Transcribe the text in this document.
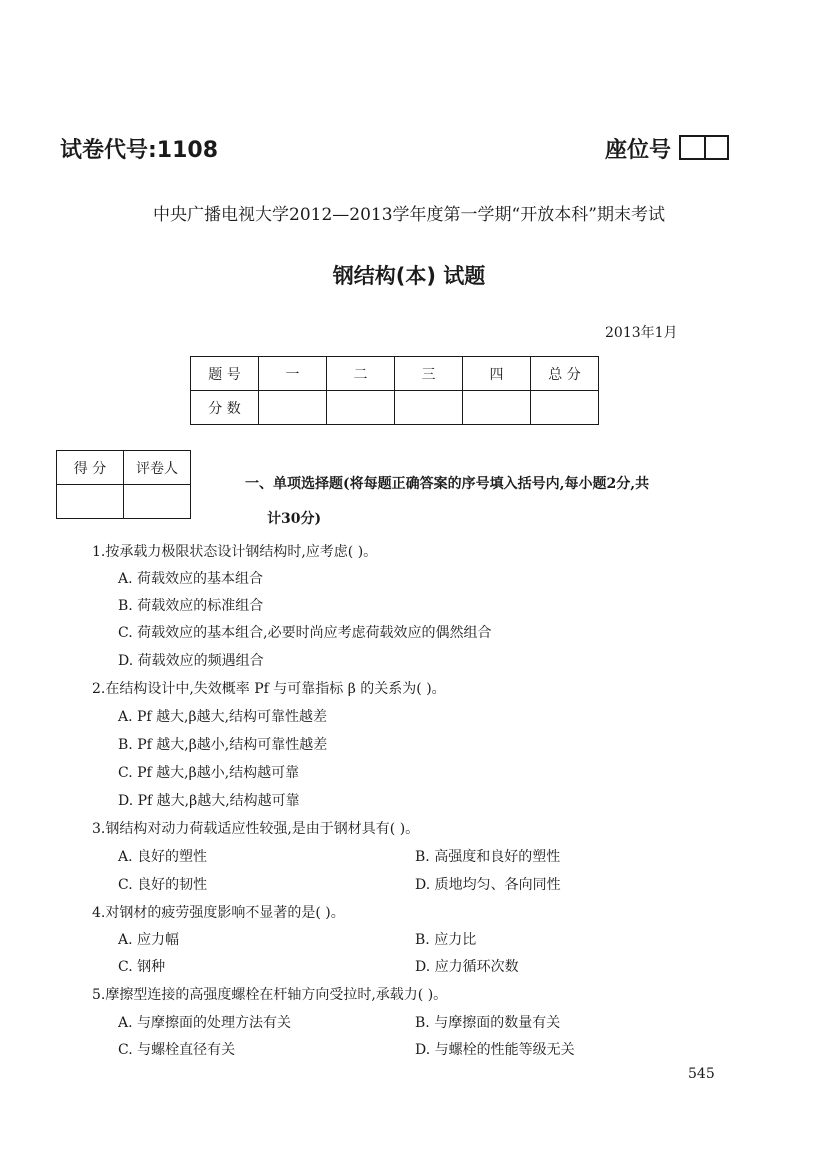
试卷代号:1108	座位号
中央广播电视大学2012—2013学年度第一学期“开放本科”期末考试
钢结构(本) 试题
2013年1月
题 号	一	二	三	四	总 分
分 数					
得 分	评卷人

一、单项选择题(将每题正确答案的序号填入括号内,每小题2分,共
计30分)
1.按承载力极限状态设计钢结构时,应考虑( )。
A. 荷载效应的基本组合
B. 荷载效应的标准组合
C. 荷载效应的基本组合,必要时尚应考虑荷载效应的偶然组合
D. 荷载效应的频遇组合
2.在结构设计中,失效概率 Pf 与可靠指标 β 的关系为( )。
A. Pf 越大,β越大,结构可靠性越差
B. Pf 越大,β越小,结构可靠性越差
C. Pf 越大,β越小,结构越可靠
D. Pf 越大,β越大,结构越可靠
3.钢结构对动力荷载适应性较强,是由于钢材具有( )。
A. 良好的塑性	B. 高强度和良好的塑性
C. 良好的韧性	D. 质地均匀、各向同性
4.对钢材的疲劳强度影响不显著的是( )。
A. 应力幅	B. 应力比
C. 钢种	D. 应力循环次数
5.摩擦型连接的高强度螺栓在杆轴方向受拉时,承载力( )。
A. 与摩擦面的处理方法有关	B. 与摩擦面的数量有关
C. 与螺栓直径有关	D. 与螺栓的性能等级无关
545
